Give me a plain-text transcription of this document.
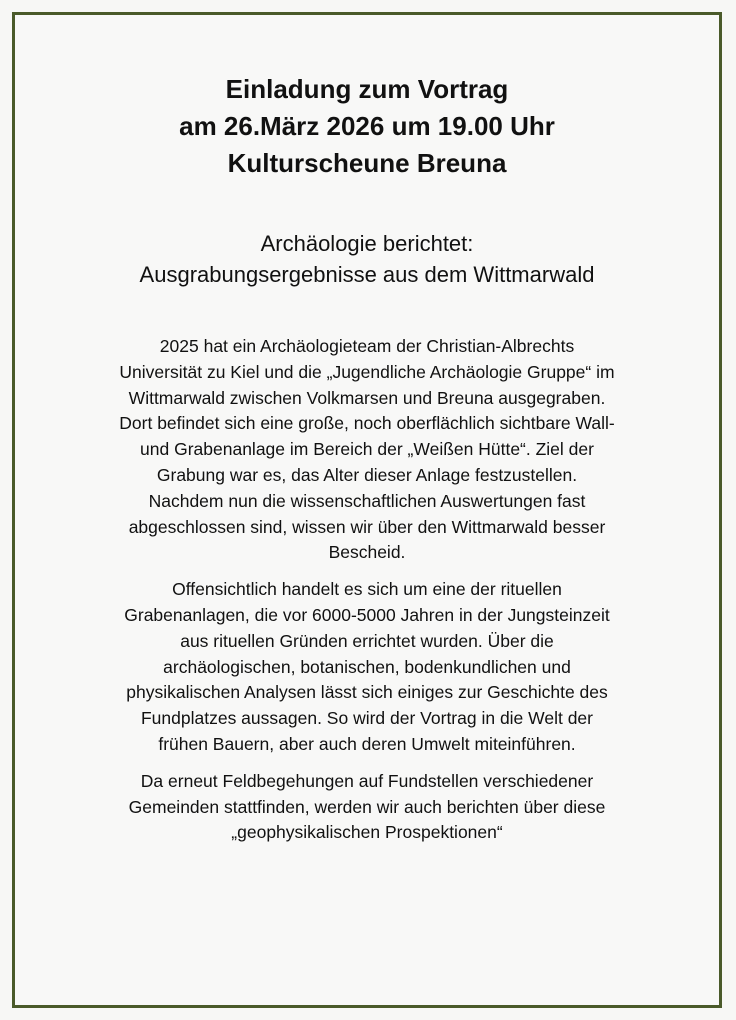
Einladung zum Vortrag
am 26.März 2026 um 19.00 Uhr
Kulturscheune Breuna
Archäologie berichtet:
Ausgrabungsergebnisse aus dem Wittmarwald

2025 hat ein Archäologieteam der Christian-Albrechts
Universität zu Kiel und die „Jugendliche Archäologie Gruppe“ im
Wittmarwald zwischen Volkmarsen und Breuna ausgegraben.
Dort befindet sich eine große, noch oberflächlich sichtbare Wall-
und Grabenanlage im Bereich der „Weißen Hütte“. Ziel der
Grabung war es, das Alter dieser Anlage festzustellen.
Nachdem nun die wissenschaftlichen Auswertungen fast
abgeschlossen sind, wissen wir über den Wittmarwald besser
Bescheid.

Offensichtlich handelt es sich um eine der rituellen
Grabenanlagen, die vor 6000-5000 Jahren in der Jungsteinzeit
aus rituellen Gründen errichtet wurden. Über die
archäologischen, botanischen, bodenkundlichen und
physikalischen Analysen lässt sich einiges zur Geschichte des
Fundplatzes aussagen. So wird der Vortrag in die Welt der
frühen Bauern, aber auch deren Umwelt miteinführen.

Da erneut Feldbegehungen auf Fundstellen verschiedener
Gemeinden stattfinden, werden wir auch berichten über diese
„geophysikalischen Prospektionen“
